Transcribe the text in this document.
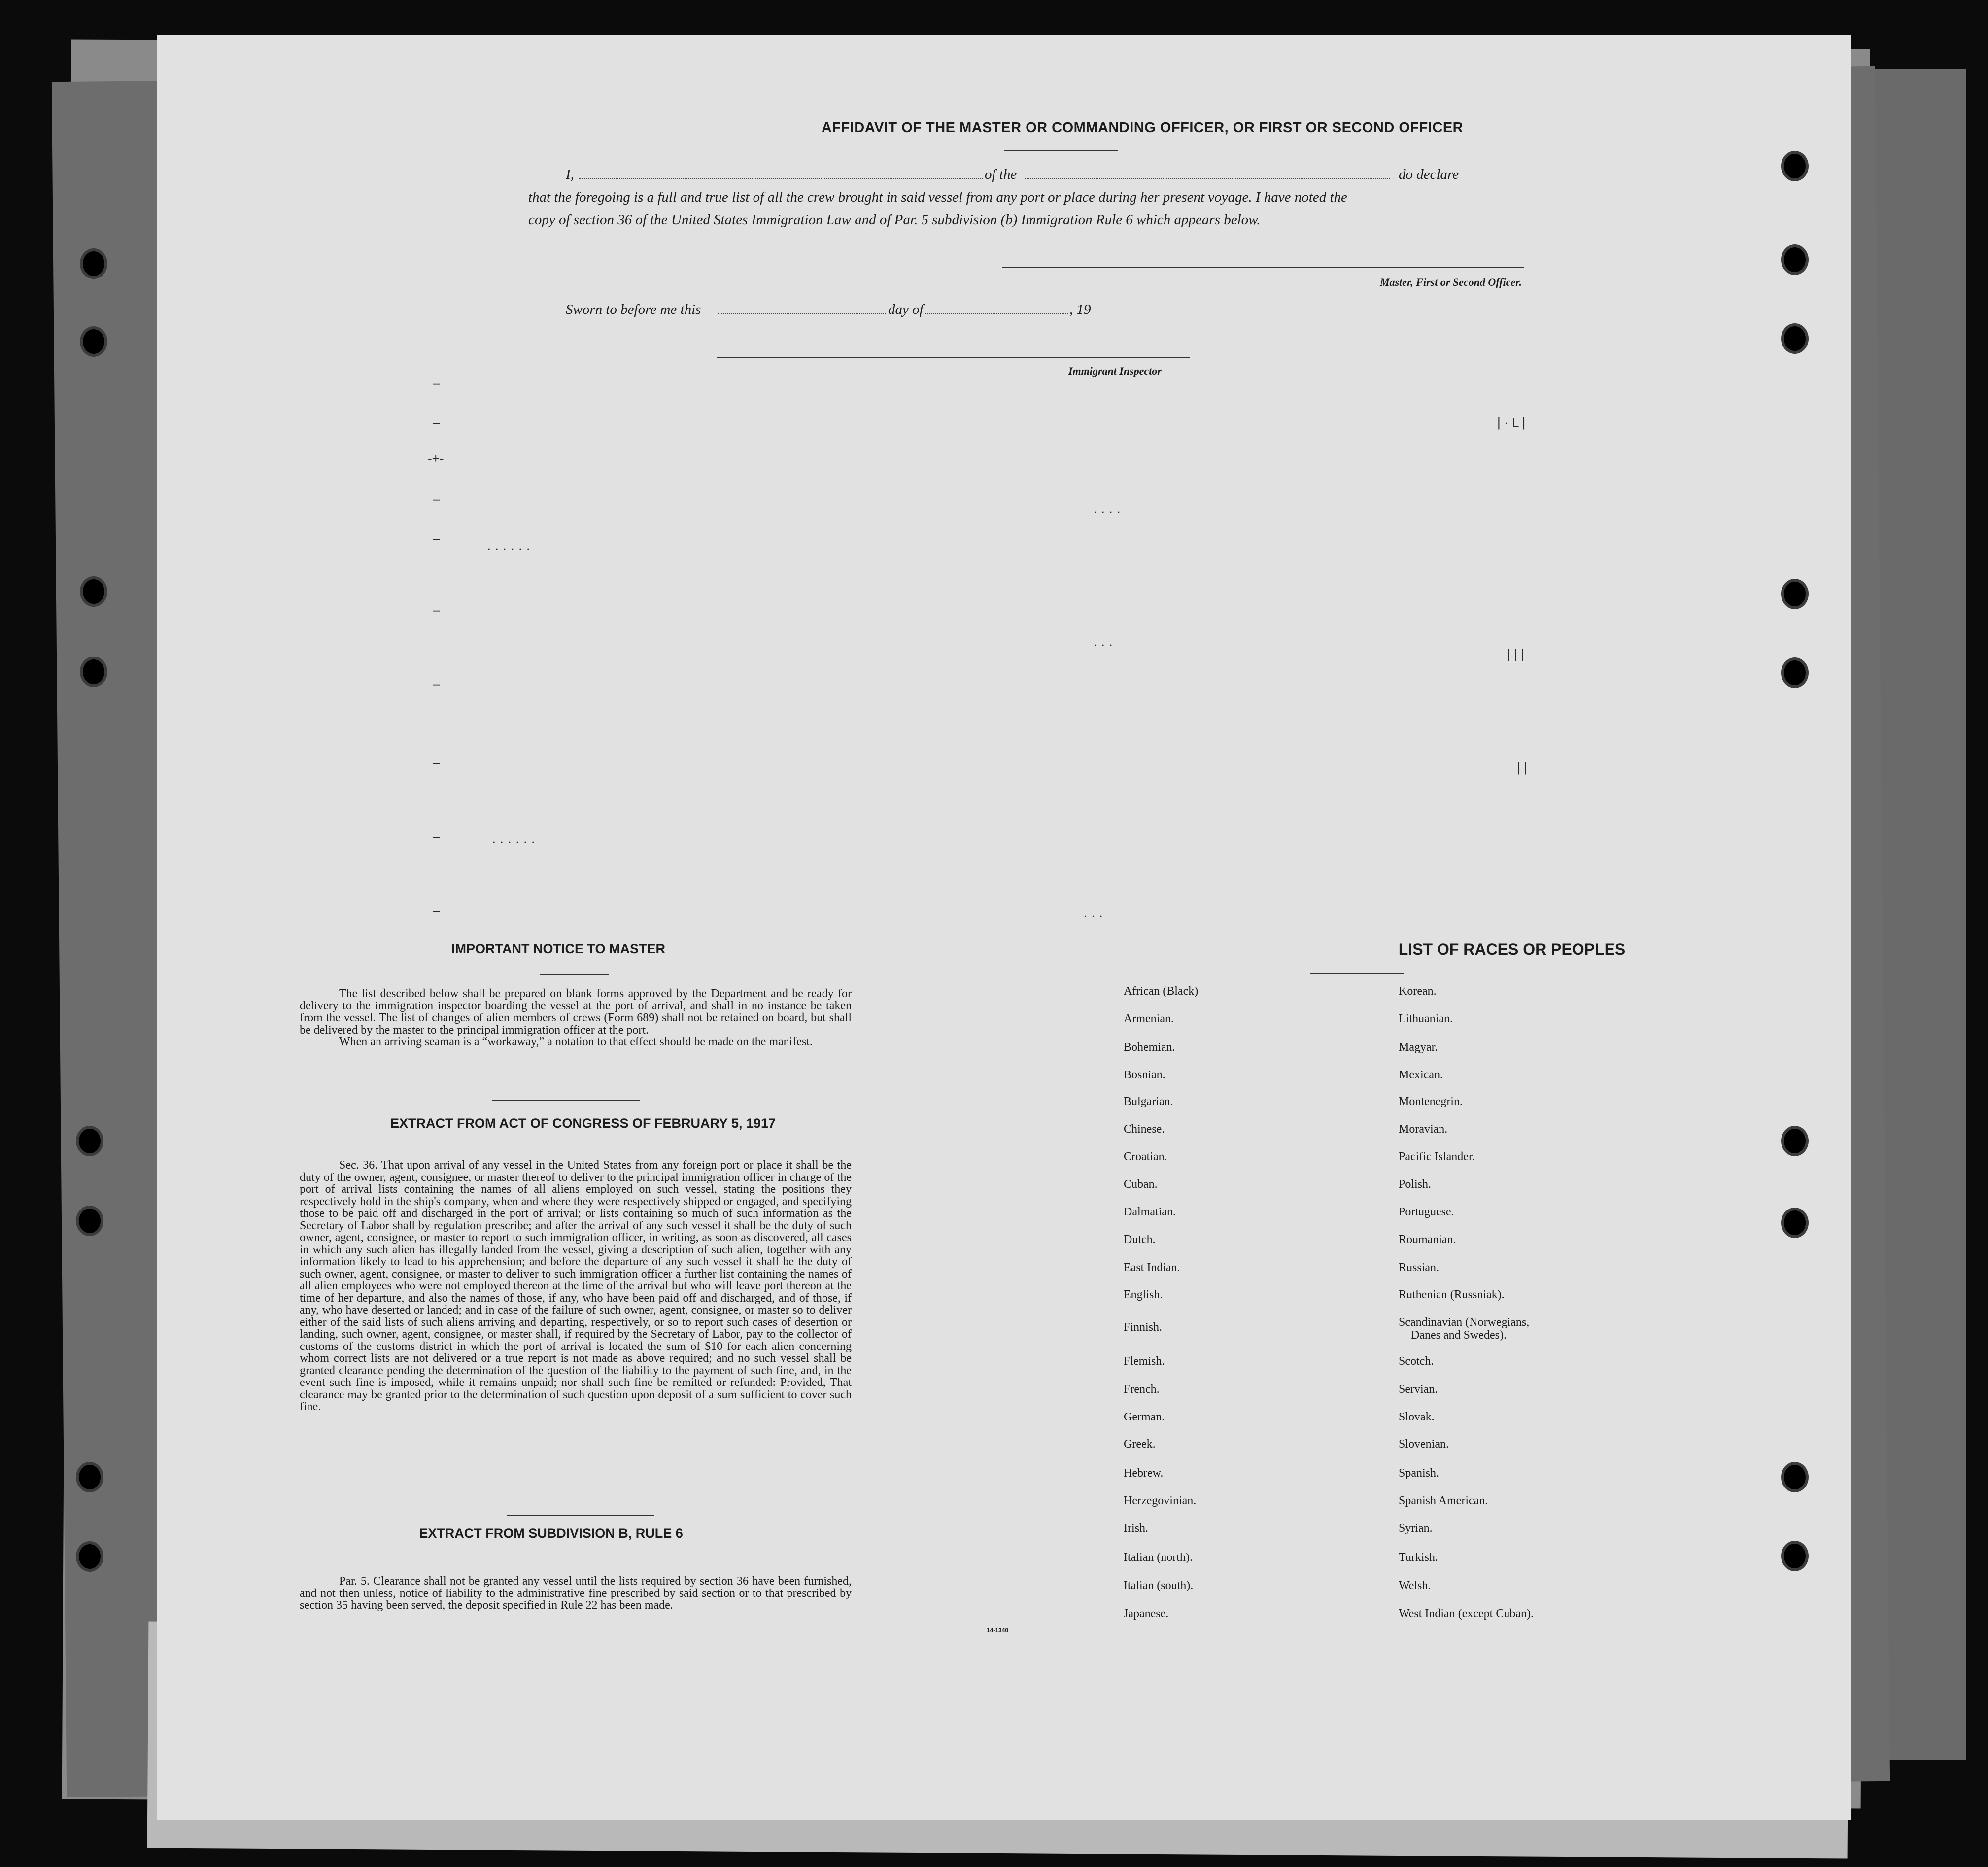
AFFIDAVIT OF THE MASTER OR COMMANDING OFFICER, OR FIRST OR SECOND OFFICER
I,	of the	do declare
that the foregoing is a full and true list of all the crew brought in said vessel from any port or place during her present voyage. I have noted the
copy of section 36 of the United States Immigration Law and of Par. 5 subdivision (b) Immigration Rule 6 which appears below.
Master, First or Second Officer.
Sworn to before me this	day of	, 19
Immigrant Inspector
–
–
-+-
–
–
–
–
–
–
–
· · · · · ·
· · · · · ·
· · · ·
· · ·
· · ·
| · L |
| | |
| |
IMPORTANT NOTICE TO MASTER

The list described below shall be prepared on blank forms approved by the Department and be ready for delivery to the immigration inspector boarding the vessel at the port of arrival, and shall in no instance be taken from the vessel. The list of changes of alien members of crews (Form 689) shall not be retained on board, but shall be delivered by the master to the principal immigration officer at the port.

When an arriving seaman is a “workaway,” a notation to that effect should be made on the manifest.

EXTRACT FROM ACT OF CONGRESS OF FEBRUARY 5, 1917

Sec. 36. That upon arrival of any vessel in the United States from any foreign port or place it shall be the duty of the owner, agent, consignee, or master thereof to deliver to the principal immigration officer in charge of the port of arrival lists containing the names of all aliens employed on such vessel, stating the positions they respectively hold in the ship's company, when and where they were respectively shipped or engaged, and specifying those to be paid off and discharged in the port of arrival; or lists containing so much of such information as the Secretary of Labor shall by regulation prescribe; and after the arrival of any such vessel it shall be the duty of such owner, agent, consignee, or master to report to such immigration officer, in writing, as soon as discovered, all cases in which any such alien has illegally landed from the vessel, giving a description of such alien, together with any information likely to lead to his apprehension; and before the departure of any such vessel it shall be the duty of such owner, agent, consignee, or master to deliver to such immigration officer a further list containing the names of all alien employees who were not employed thereon at the time of the arrival but who will leave port thereon at the time of her departure, and also the names of those, if any, who have been paid off and discharged, and of those, if any, who have deserted or landed; and in case of the failure of such owner, agent, consignee, or master so to deliver either of the said lists of such aliens arriving and departing, respectively, or so to report such cases of desertion or landing, such owner, agent, consignee, or master shall, if required by the Secretary of Labor, pay to the collector of customs of the customs district in which the port of arrival is located the sum of $10 for each alien concerning whom correct lists are not delivered or a true report is not made as above required; and no such vessel shall be granted clearance pending the determination of the question of the liability to the payment of such fine, and, in the event such fine is imposed, while it remains unpaid; nor shall such fine be remitted or refunded: Provided, That clearance may be granted prior to the determination of such question upon deposit of a sum sufficient to cover such fine.

EXTRACT FROM SUBDIVISION B, RULE 6

Par. 5. Clearance shall not be granted any vessel until the lists required by section 36 have been furnished, and not then unless, notice of liability to the administrative fine prescribed by said section or to that prescribed by section 35 having been served, the deposit specified in Rule 22 has been made.

14-1340
LIST OF RACES OR PEOPLES
African (Black)
Armenian.
Bohemian.
Bosnian.
Bulgarian.
Chinese.
Croatian.
Cuban.
Dalmatian.
Dutch.
East Indian.
English.
Finnish.
Flemish.
French.
German.
Greek.
Hebrew.
Herzegovinian.
Irish.
Italian (north).
Italian (south).
Japanese.
Korean.
Lithuanian.
Magyar.
Mexican.
Montenegrin.
Moravian.
Pacific Islander.
Polish.
Portuguese.
Roumanian.
Russian.
Ruthenian (Russniak).
Scandinavian (Norwegians,
Danes and Swedes).
Scotch.
Servian.
Slovak.
Slovenian.
Spanish.
Spanish American.
Syrian.
Turkish.
Welsh.
West Indian (except Cuban).
